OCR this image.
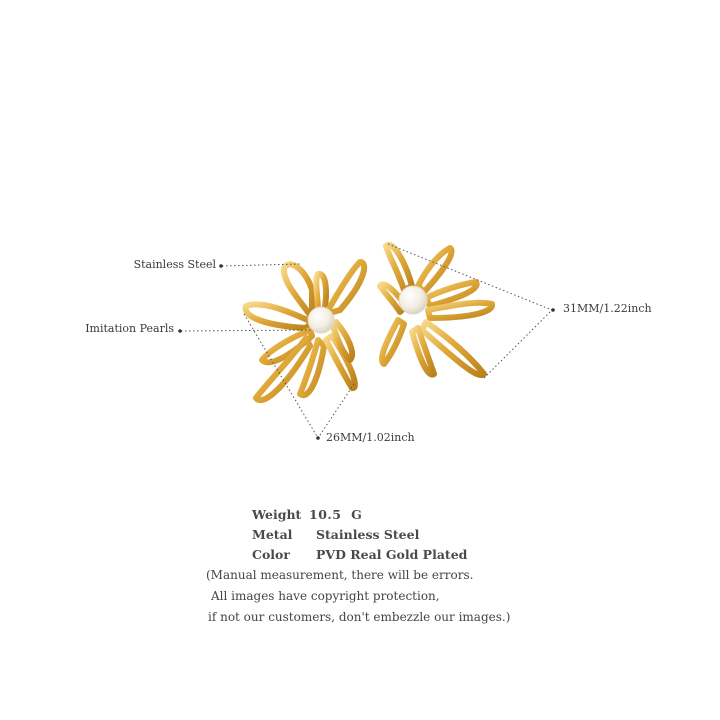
Stainless Steel
Imitation Pearls
26MM/1.02inch
31MM/1.22inch
Weight 10.5  G
Metal	Stainless Steel
Color	PVD Real Gold Plated
(Manual measurement, there will be errors.
All images have copyright protection,
if not our customers, don't embezzle our images.)
